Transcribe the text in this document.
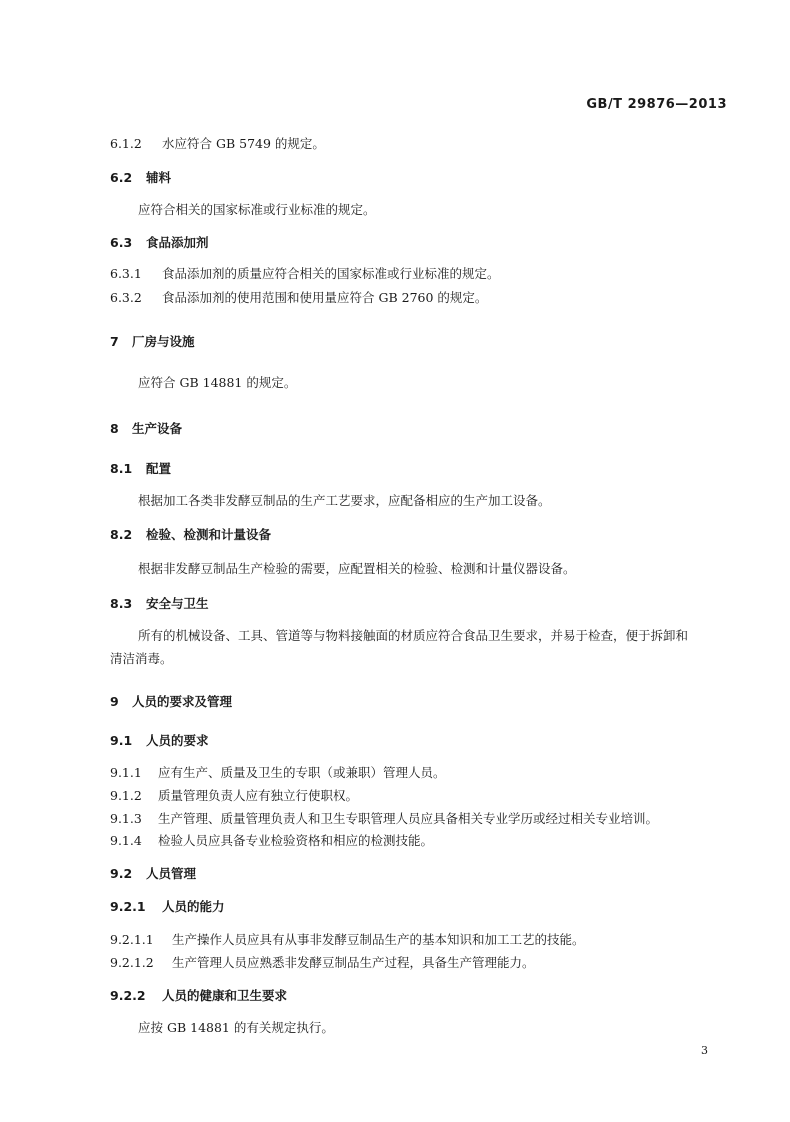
GB/T 29876—2013
6.1.2 水应符合 GB 5749 的规定。
6.2 辅料
应符合相关的国家标准或行业标准的规定。
6.3 食品添加剂
6.3.1 食品添加剂的质量应符合相关的国家标准或行业标准的规定。
6.3.2 食品添加剂的使用范围和使用量应符合 GB 2760 的规定。
7 厂房与设施
应符合 GB 14881 的规定。
8 生产设备
8.1 配置
根据加工各类非发酵豆制品的生产工艺要求，应配备相应的生产加工设备。
8.2 检验、检测和计量设备
根据非发酵豆制品生产检验的需要，应配置相关的检验、检测和计量仪器设备。
8.3 安全与卫生
所有的机械设备、工具、管道等与物料接触面的材质应符合食品卫生要求，并易于检查，便于拆卸和
清洁消毒。
9 人员的要求及管理
9.1 人员的要求
9.1.1 应有生产、质量及卫生的专职（或兼职）管理人员。
9.1.2 质量管理负责人应有独立行使职权。
9.1.3 生产管理、质量管理负责人和卫生专职管理人员应具备相关专业学历或经过相关专业培训。
9.1.4 检验人员应具备专业检验资格和相应的检测技能。
9.2 人员管理
9.2.1 人员的能力
9.2.1.1 生产操作人员应具有从事非发酵豆制品生产的基本知识和加工工艺的技能。
9.2.1.2 生产管理人员应熟悉非发酵豆制品生产过程，具备生产管理能力。
9.2.2 人员的健康和卫生要求
应按 GB 14881 的有关规定执行。
3
